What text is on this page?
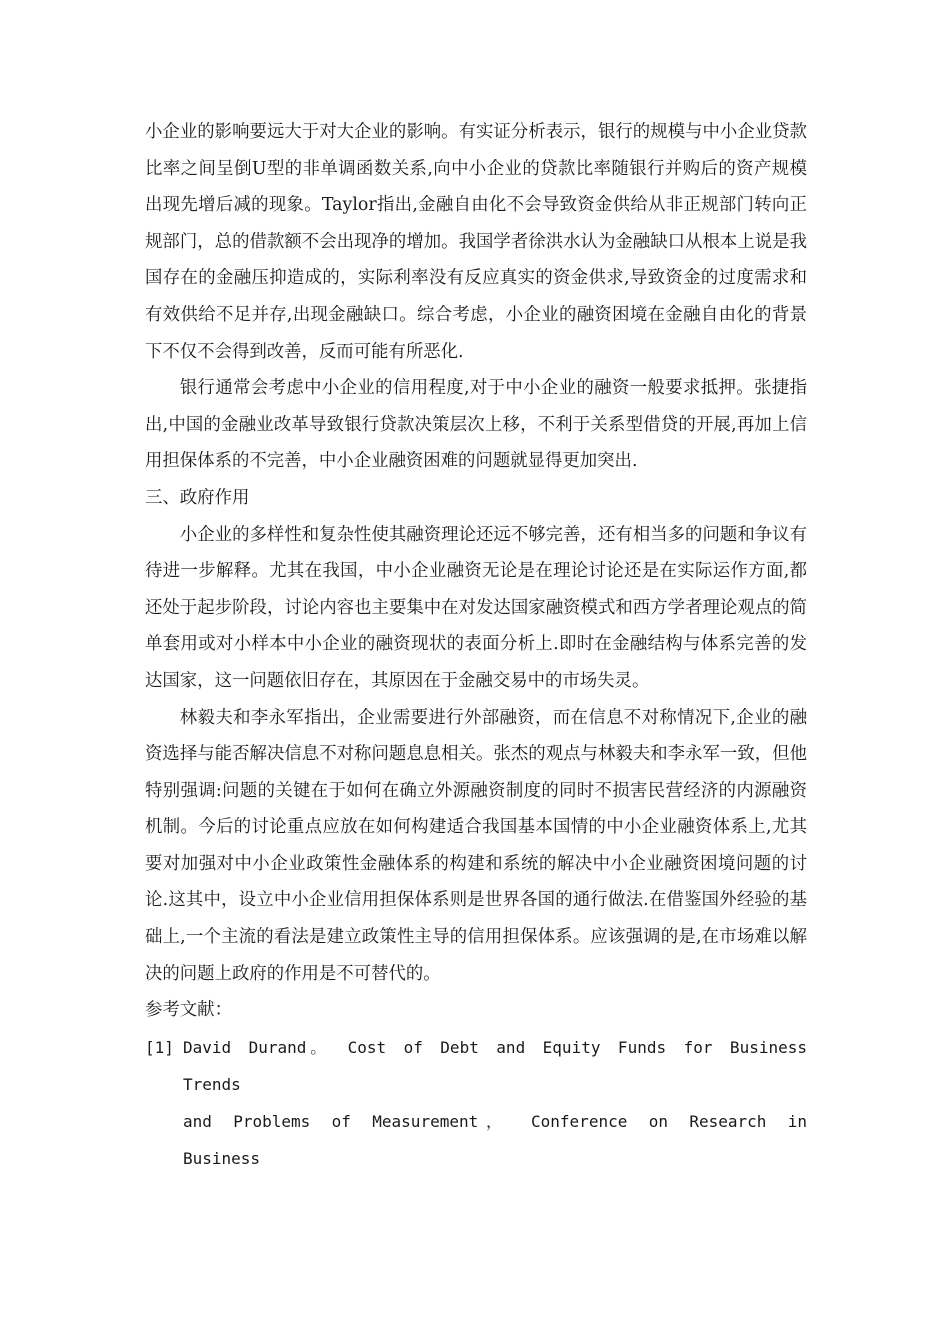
小企业的影响要远大于对大企业的影响。有实证分析表示，银行的规模与中小企业贷款比率之间呈倒U型的非单调函数关系,向中小企业的贷款比率随银行并购后的资产规模出现先增后减的现象。Taylor指出,金融自由化不会导致资金供给从非正规部门转向正规部门，总的借款额不会出现净的增加。我国学者徐洪水认为金融缺口从根本上说是我国存在的金融压抑造成的，实际利率没有反应真实的资金供求,导致资金的过度需求和有效供给不足并存,出现金融缺口。综合考虑，小企业的融资困境在金融自由化的背景下不仅不会得到改善，反而可能有所恶化.

银行通常会考虑中小企业的信用程度,对于中小企业的融资一般要求抵押。张捷指出,中国的金融业改革导致银行贷款决策层次上移，不利于关系型借贷的开展,再加上信用担保体系的不完善，中小企业融资困难的问题就显得更加突出.

三、政府作用

小企业的多样性和复杂性使其融资理论还远不够完善，还有相当多的问题和争议有待进一步解释。尤其在我国，中小企业融资无论是在理论讨论还是在实际运作方面,都还处于起步阶段，讨论内容也主要集中在对发达国家融资模式和西方学者理论观点的简单套用或对小样本中小企业的融资现状的表面分析上.即时在金融结构与体系完善的发达国家，这一问题依旧存在，其原因在于金融交易中的市场失灵。

林毅夫和李永军指出，企业需要进行外部融资，而在信息不对称情况下,企业的融资选择与能否解决信息不对称问题息息相关。张杰的观点与林毅夫和李永军一致，但他特别强调:问题的关键在于如何在确立外源融资制度的同时不损害民营经济的内源融资机制。今后的讨论重点应放在如何构建适合我国基本国情的中小企业融资体系上,尤其要对加强对中小企业政策性金融体系的构建和系统的解决中小企业融资困境问题的讨论.这其中，设立中小企业信用担保体系则是世界各国的通行做法.在借鉴国外经验的基础上,一个主流的看法是建立政策性主导的信用担保体系。应该强调的是,在市场难以解决的问题上政府的作用是不可替代的。

参考文献：
[1] David Durand。 Cost of Debt and Equity Funds for Business Trends
and Problems of Measurement， Conference on Research in Business
